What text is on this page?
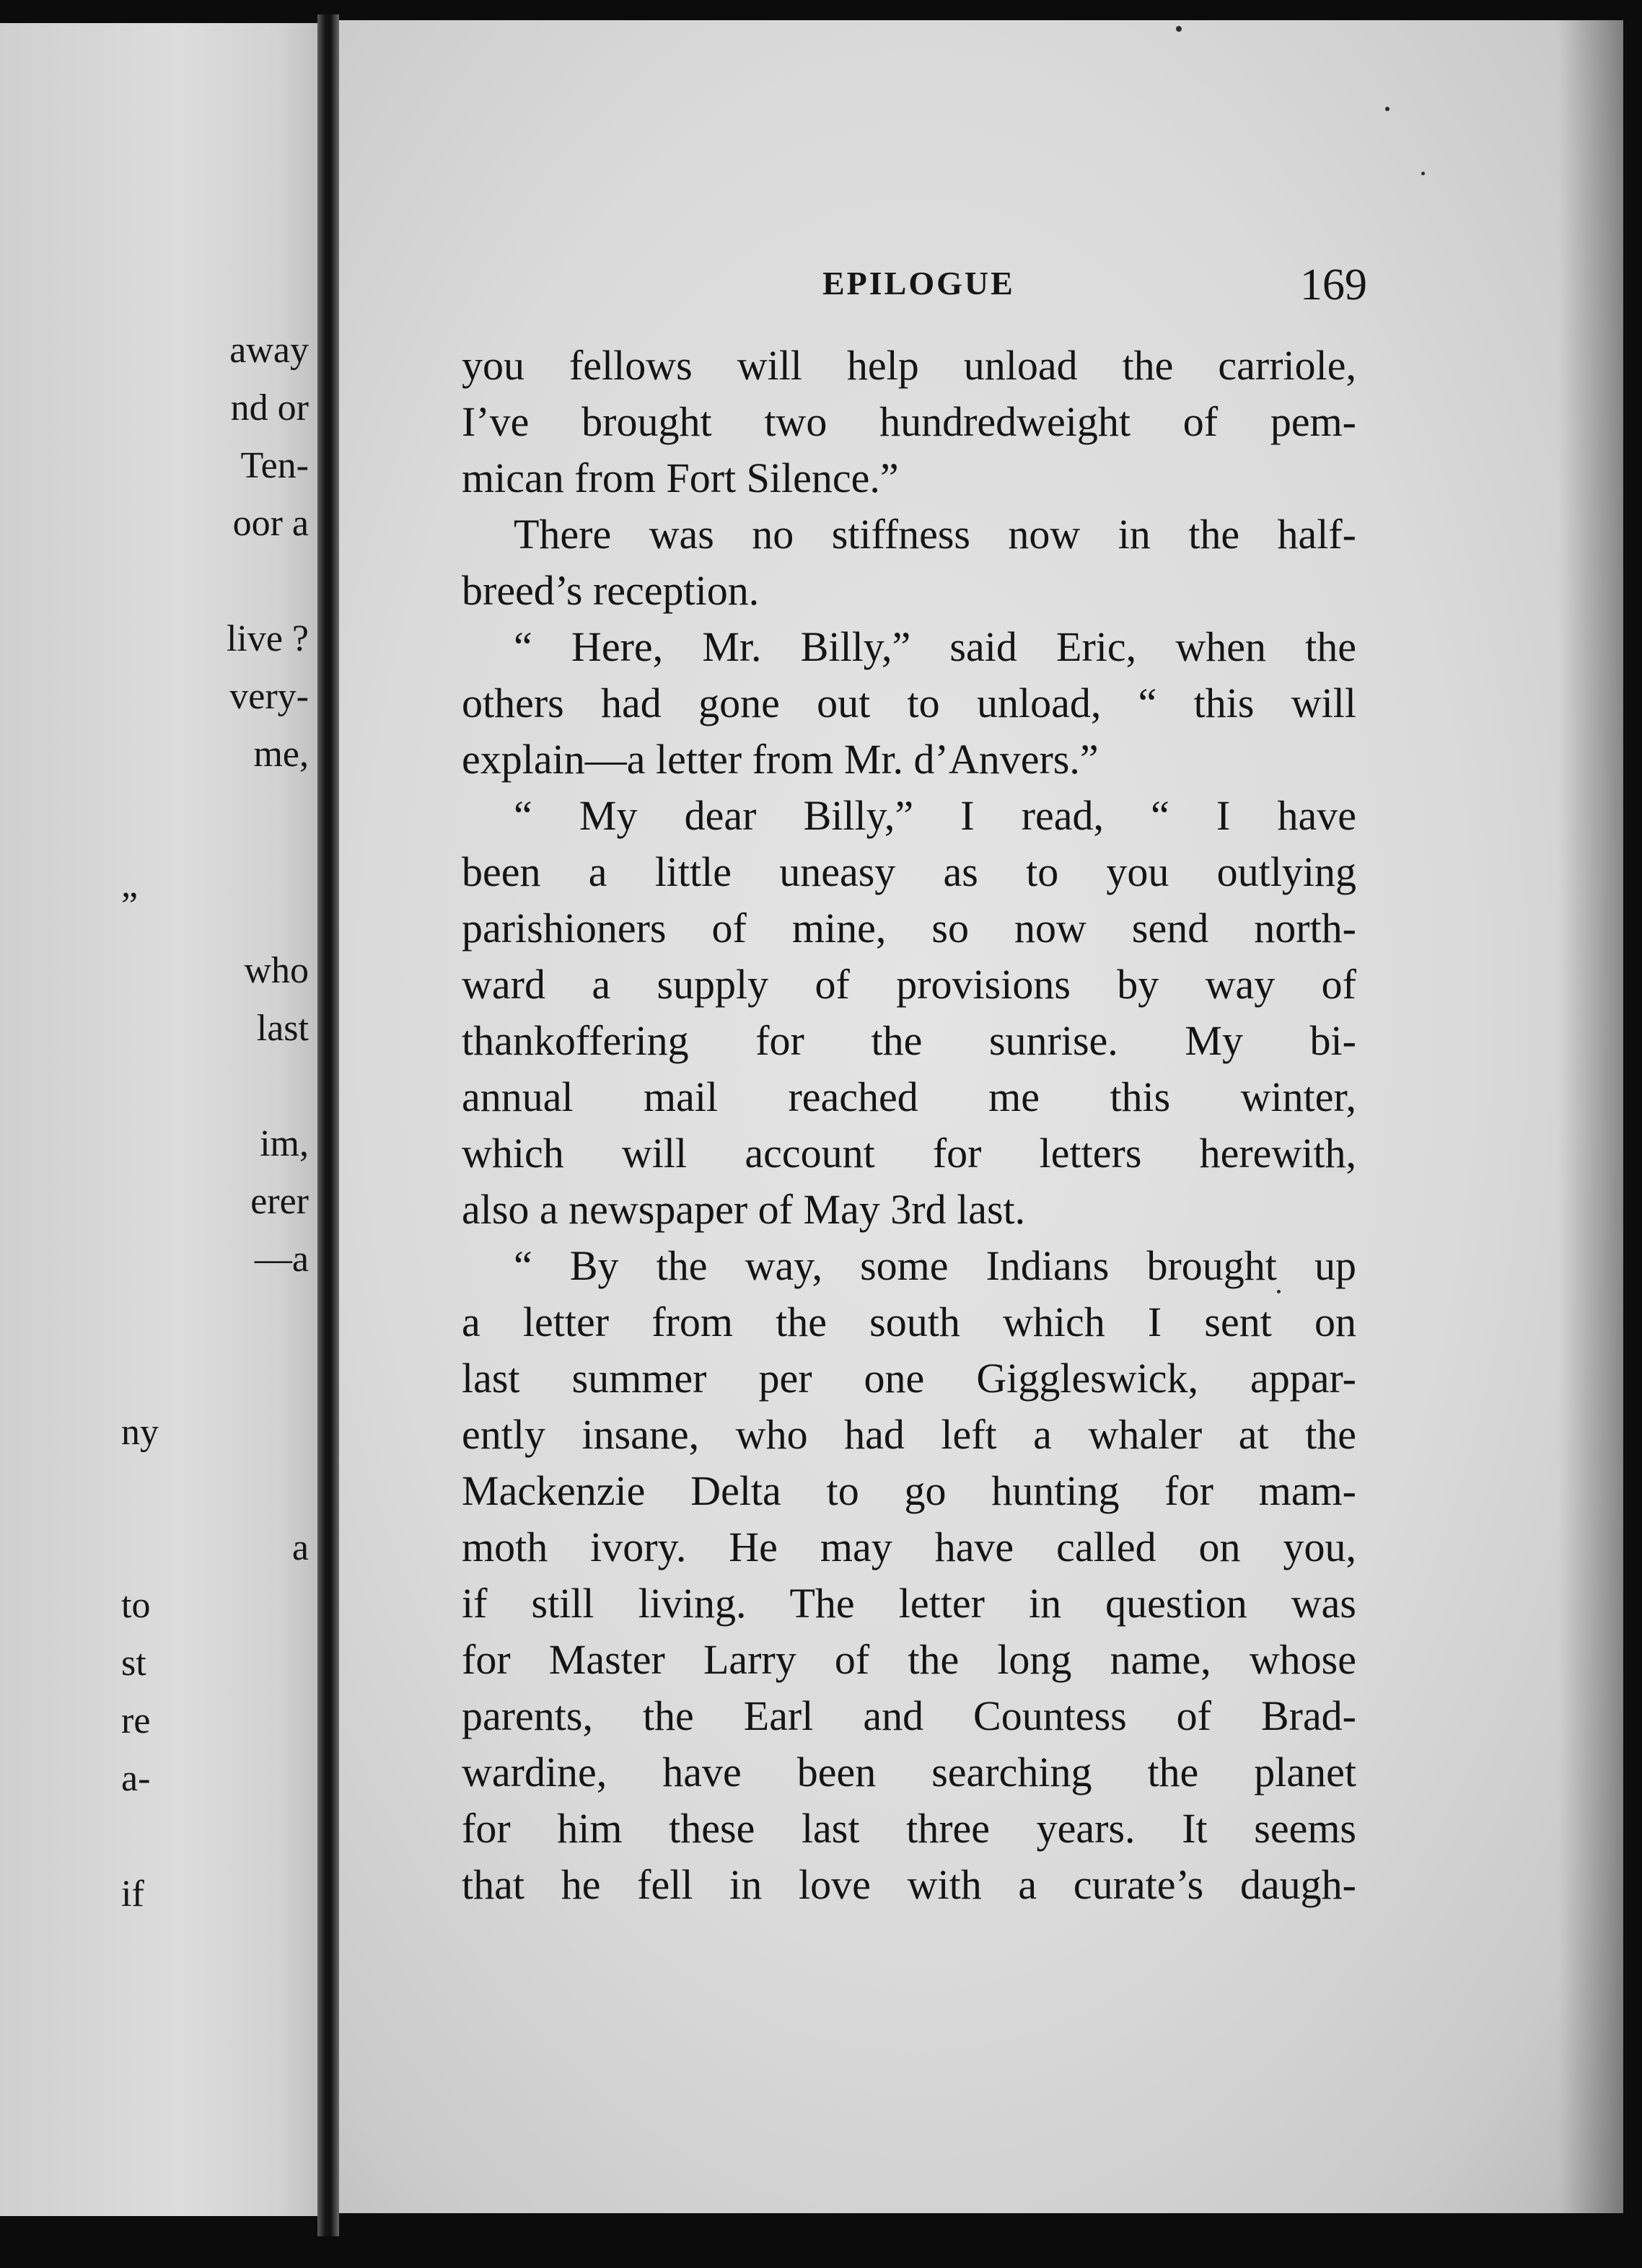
away
nd or
Ten-
oor a
live ?
very-
me,
”
who
last
im,
erer
—a
ny
a
to
st
re
a-
if
EPILOGUE	169
you fellows will help unload the carriole,
I’ve brought two hundredweight of pem-
mican from Fort Silence.”
There was no stiffness now in the half-
breed’s reception.
“ Here, Mr. Billy,” said Eric, when the
others had gone out to unload, “ this will
explain—a letter from Mr. d’Anvers.”
“ My dear Billy,” I read, “ I have
been a little uneasy as to you outlying
parishioners of mine, so now send north-
ward a supply of provisions by way of
thankoffering for the sunrise. My bi-
annual mail reached me this winter,
which will account for letters herewith,
also a newspaper of May 3rd last.
“ By the way, some Indians brought up
a letter from the south which I sent on
last summer per one Giggleswick, appar-
ently insane, who had left a whaler at the
Mackenzie Delta to go hunting for mam-
moth ivory. He may have called on you,
if still living. The letter in question was
for Master Larry of the long name, whose
parents, the Earl and Countess of Brad-
wardine, have been searching the planet
for him these last three years. It seems
that he fell in love with a curate’s daugh-
